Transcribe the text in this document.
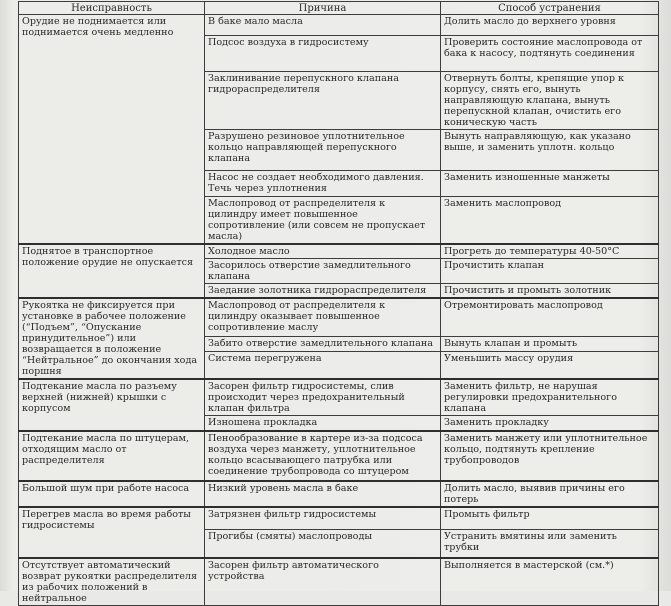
Неисправность	Причина	Способ устранения
Орудие не поднимается или поднимается очень медленно	В баке мало масла	Долить масло до верхнего уровня
	Подсос воздуха в гидросистему	Проверить состояние маслопровода от бака к насосу, подтянуть соединения
	Заклинивание перепускного клапана гидрораспределителя	Отвернуть болты, крепящие упор к корпусу, снять его, вынуть направляющую клапана, вынуть перепускной клапан, очистить его коническую часть
	Разрушено резиновое уплотнительное кольцо направляющей перепускного клапана	Вынуть направляющую, как указано выше, и заменить уплотн. кольцо
	Насос не создает необходимого давления. Течь через уплотнения	Заменить изношенные манжеты
	Маслопровод от распределителя к цилиндру имеет повышенное сопротивление (или совсем не пропускает масла)	Заменить маслопровод
Поднятое в транспортное положение орудие не опускается	Холодное масло	Прогреть до температуры 40-50°С
	Засорилось отверстие замедлительного клапана	Прочистить клапан
	Заедание золотника гидрораспределителя	Прочистить и промыть золотник
Рукоятка не фиксируется при установке в рабочее положение (“Подъем”, “Опускание принудительное”) или возвращается в положение “Нейтральное” до окончания хода поршня	Маслопровод от распределителя к цилиндру оказывает повышенное сопротивление маслу	Отремонтировать маслопровод
	Забито отверстие замедлительного клапана	Вынуть клапан и промыть
	Система перегружена	Уменьшить массу орудия
Подтекание масла по разъему верхней (нижней) крышки с корпусом	Засорен фильтр гидросистемы, слив происходит через предохранительный клапан фильтра	Заменить фильтр, не нарушая регулировки предохранительного клапана
	Изношена прокладка	Заменить прокладку
Подтекание масла по штуцерам, отходящим масло от распределителя	Пенообразование в картере из-за подсоса воздуха через манжету, уплотнительное кольцо всасывающего патрубка или соединение трубопровода со штуцером	Заменить манжету или уплотнительное кольцо, подтянуть крепление трубопроводов
Большой шум при работе насоса	Низкий уровень масла в баке	Долить масло, выявив причины его потерь
Перегрев масла во время работы гидросистемы	Затрязнен фильтр гидросистемы	Промыть фильтр
	Прогибы (смяты) маслопроводы	Устранить вмятины или заменить трубки
Отсутствует автоматический возврат рукоятки распределителя из рабочих положений в нейтральное	Засорен фильтр автоматического устройства	Выполняется в мастерской (см.*)
